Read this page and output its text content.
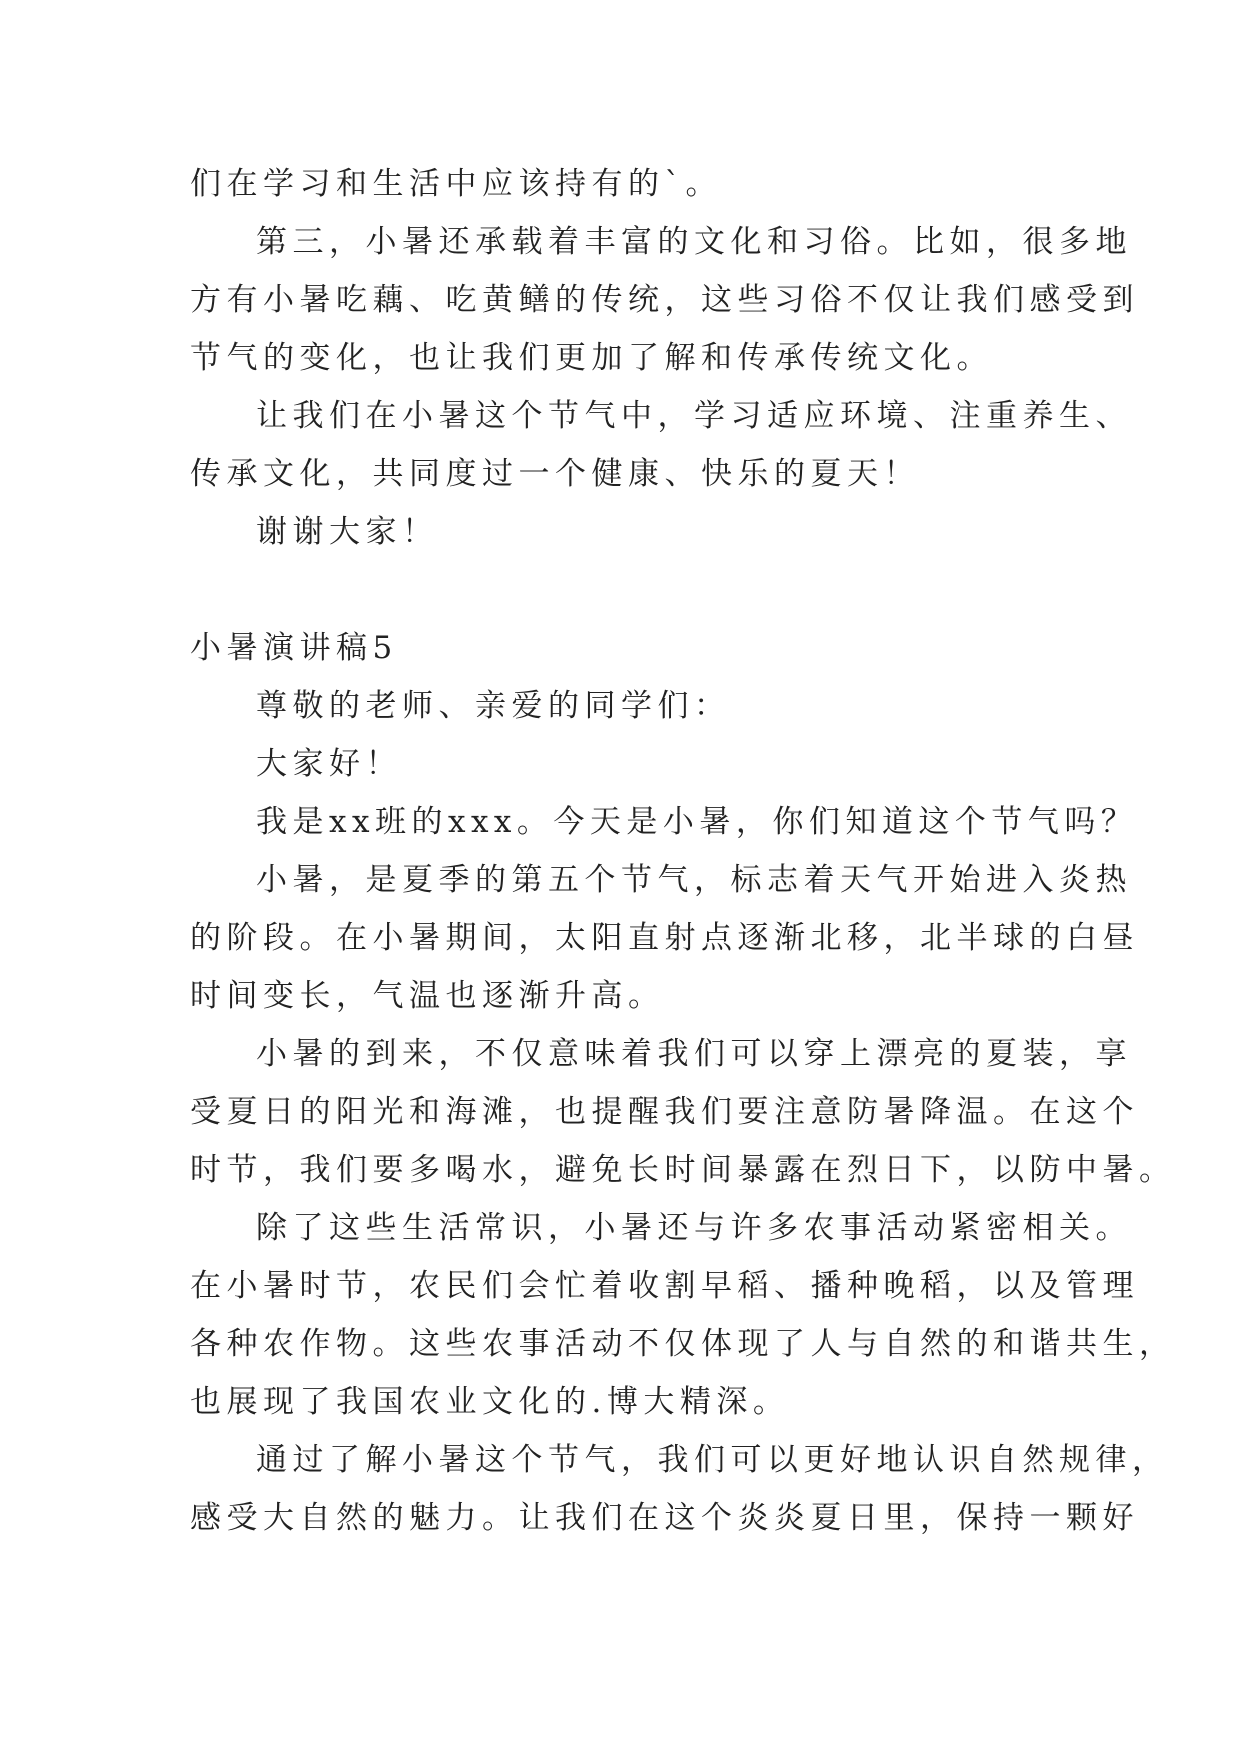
们在学习和生活中应该持有的`。
第三，小暑还承载着丰富的文化和习俗。比如，很多地
方有小暑吃藕、吃黄鳝的传统，这些习俗不仅让我们感受到
节气的变化，也让我们更加了解和传承传统文化。
让我们在小暑这个节气中，学习适应环境、注重养生、
传承文化，共同度过一个健康、快乐的夏天！
谢谢大家！
小暑演讲稿5
尊敬的老师、亲爱的同学们：
大家好！
我是xx班的xxx。今天是小暑，你们知道这个节气吗？
小暑，是夏季的第五个节气，标志着天气开始进入炎热
的阶段。在小暑期间，太阳直射点逐渐北移，北半球的白昼
时间变长，气温也逐渐升高。
小暑的到来，不仅意味着我们可以穿上漂亮的夏装，享
受夏日的阳光和海滩，也提醒我们要注意防暑降温。在这个
时节，我们要多喝水，避免长时间暴露在烈日下，以防中暑。
除了这些生活常识，小暑还与许多农事活动紧密相关。
在小暑时节，农民们会忙着收割早稻、播种晚稻，以及管理
各种农作物。这些农事活动不仅体现了人与自然的和谐共生，
也展现了我国农业文化的.博大精深。
通过了解小暑这个节气，我们可以更好地认识自然规律，
感受大自然的魅力。让我们在这个炎炎夏日里，保持一颗好
